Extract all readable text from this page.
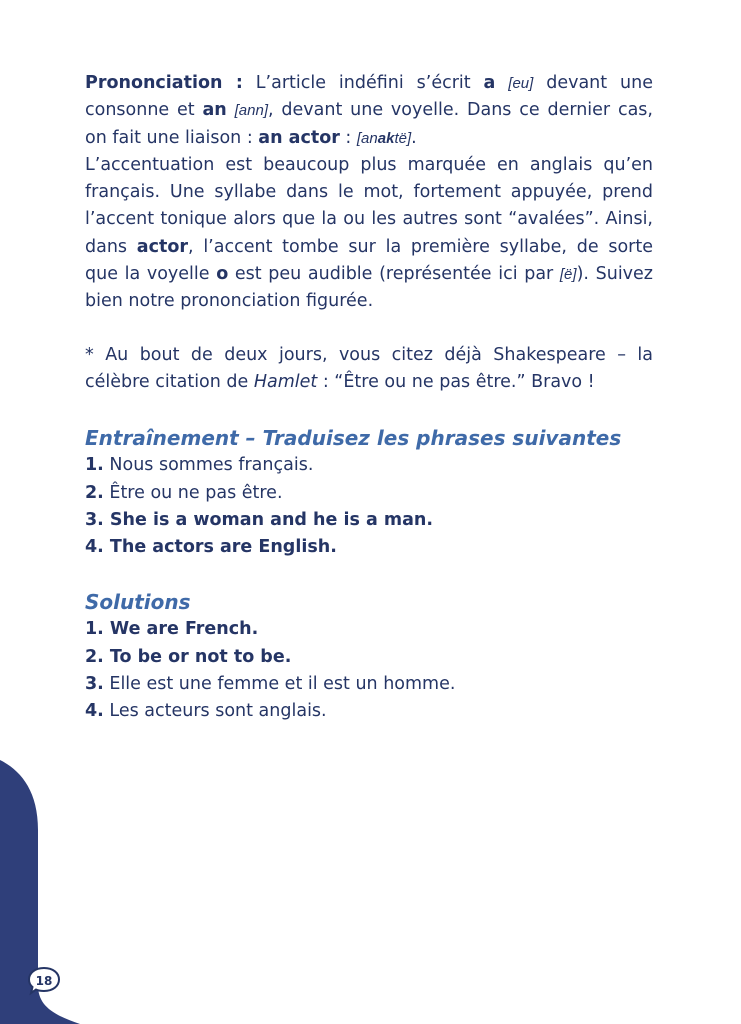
Prononciation : L’article indéfini s’écrit a [eu] devant une consonne et an [ann], devant une voyelle. Dans ce dernier cas, on fait une liaison : an actor : [anaktë].

L’accentuation est beaucoup plus marquée en anglais qu’en français. Une syllabe dans le mot, fortement appuyée, prend l’accent tonique alors que la ou les autres sont “avalées”. Ainsi, dans actor, l’accent tombe sur la première syllabe, de sorte que la voyelle o est peu audible (représentée ici par [ë]). Suivez bien notre prononciation figurée.

* Au bout de deux jours, vous citez déjà Shakespeare – la célèbre citation de Hamlet : “Être ou ne pas être.” Bravo !

Entraînement – Traduisez les phrases suivantes

1. Nous sommes français.

2. Être ou ne pas être.

3. She is a woman and he is a man.

4. The actors are English.

Solutions

1. We are French.

2. To be or not to be.

3. Elle est une femme et il est un homme.

4. Les acteurs sont anglais.

18
